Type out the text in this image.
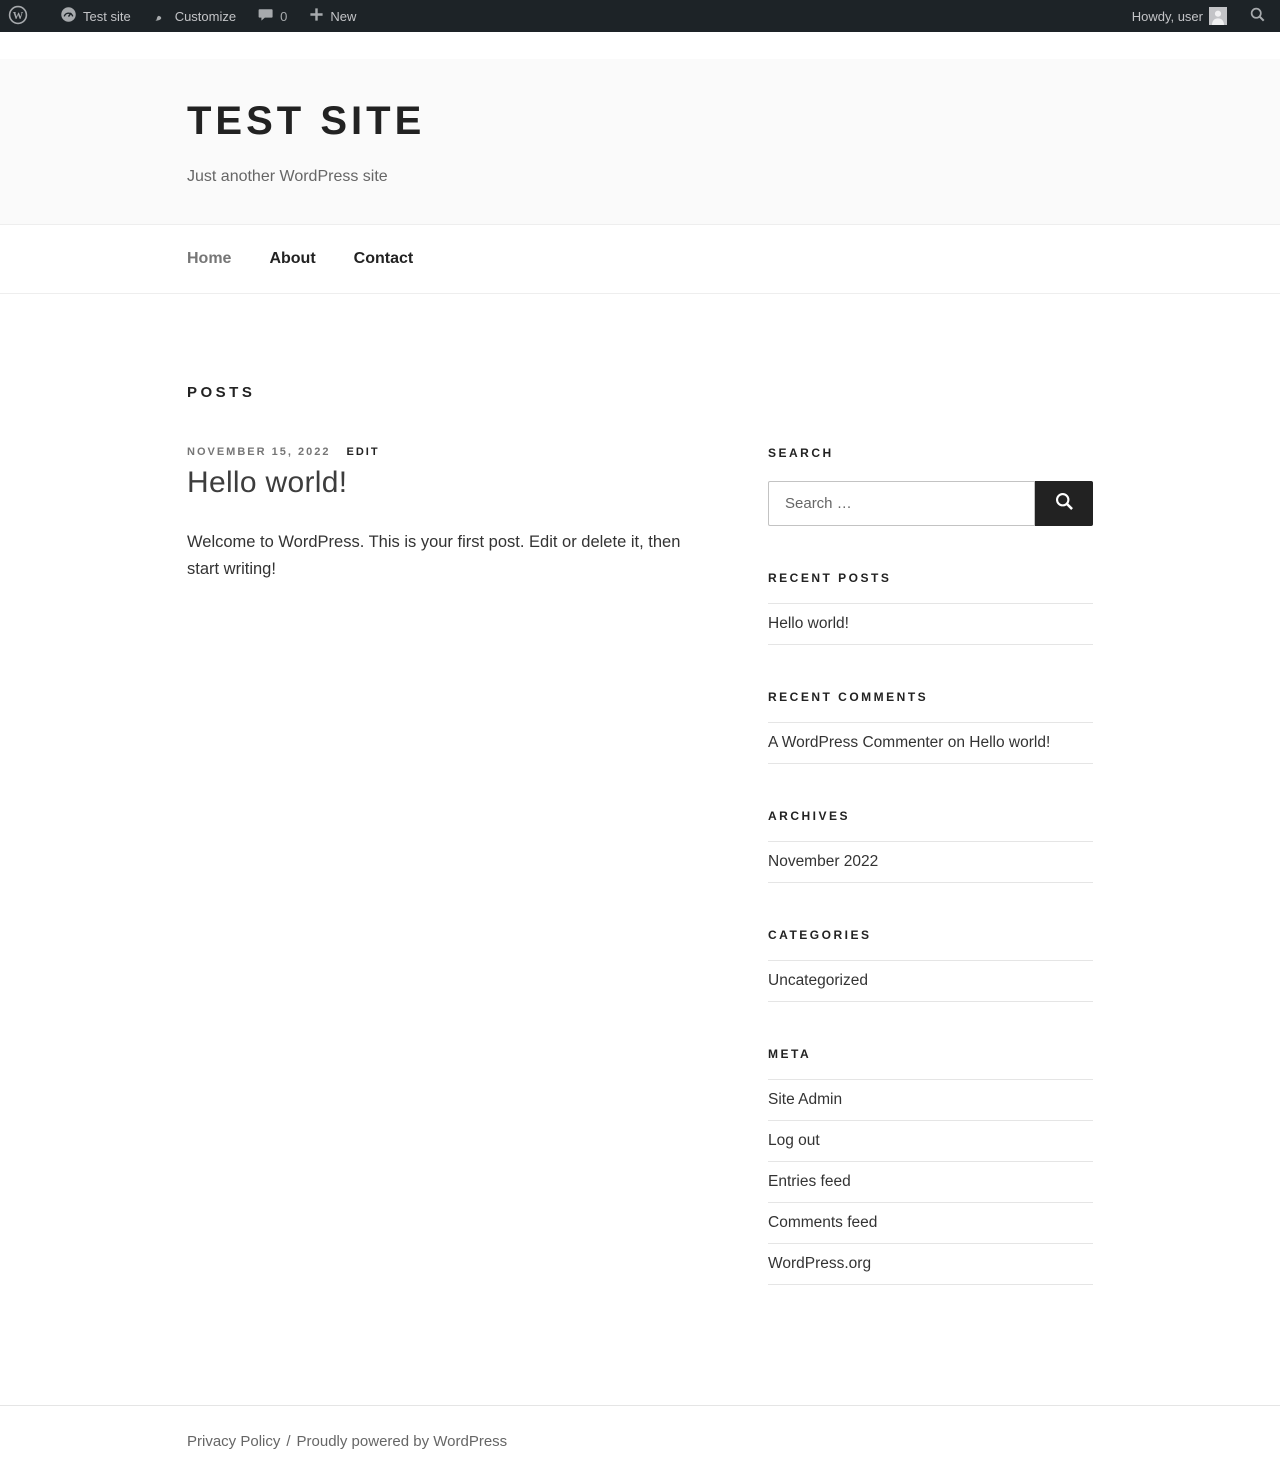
W	Test site	Customize	0	New	Howdy, user
TEST SITE
Just another WordPress site
Home	About	Contact
POSTS
NOVEMBER 15, 2022 EDIT
Hello world!
Welcome to WordPress. This is your first post. Edit or delete it, then start writing!
SEARCH
Search …
RECENT POSTS
Hello world!
RECENT COMMENTS
A WordPress Commenter on Hello world!
ARCHIVES
November 2022
CATEGORIES
Uncategorized
META
Site Admin
Log out
Entries feed
Comments feed
WordPress.org
Privacy Policy / Proudly powered by WordPress
